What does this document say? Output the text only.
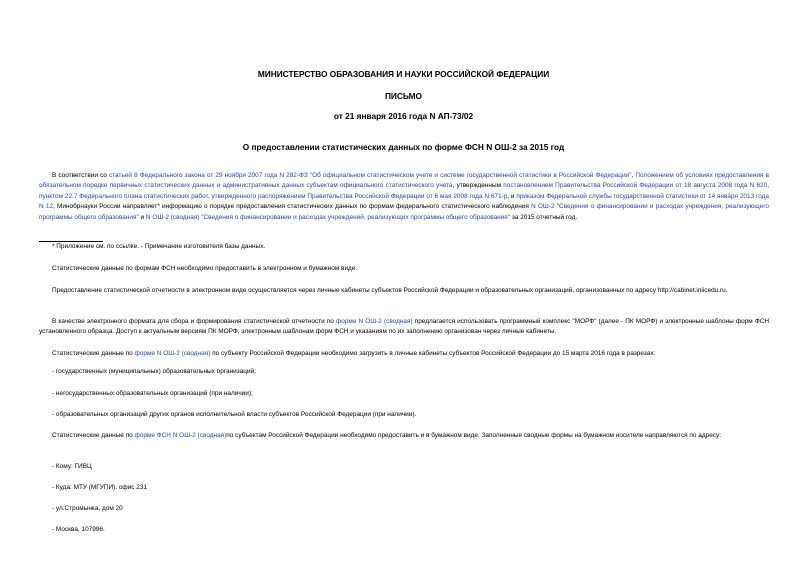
МИНИСТЕРСТВО ОБРАЗОВАНИЯ И НАУКИ РОССИЙСКОЙ ФЕДЕРАЦИИ
ПИСЬМО
от 21 января 2016 года N АП-73/02
О предоставлении статистических данных по форме ФСН N ОШ-2 за 2015 год
В соответствии со статьей 8 Федерального закона от 29 ноября 2007 года N 282-ФЗ "Об официальном статистическом учете и системе государственной статистики в Российской Федерации", Положением об условиях предоставления в обязательном порядке первичных статистических данных и административных данных субъектам официального статистического учета, утвержденным постановлением Правительства Российской Федерации от 18 августа 2008 года N 620, пунктом 22.7 Федерального плана статистических работ, утвержденного распоряжением Правительства Российской Федерации от 6 мая 2008 года N 671-р, и приказом Федеральной службы государственной статистики от 14 января 2013 года N 12, Минобрнауки России направляет* информацию о порядке предоставления статистических данных по формам федерального статистического наблюдения N ОШ-2 "Сведения о финансировании и расходах учреждения, реализующего программы общего образования" и N ОШ-2 (сводная) "Сведения о финансировании и расходах учреждений, реализующих программы общего образования" за 2015 отчетный год.
* Приложение см. по ссылке. - Примечание изготовителя базы данных.
Статистические данные по формам ФСН необходимо предоставить в электронном и бумажном виде.
Предоставление статистической отчетности в электронном виде осуществляется через личные кабинеты субъектов Российской Федерации и образовательных организаций, организованных по адресу http://cabinet.iniicedu.ru.
В качестве электронного формата для сбора и формирования статистической отчетности по форме N ОШ-2 (сводная) предлагается использовать программный комплекс "МОРФ" (далее - ПК МОРФ) и электронные шаблоны форм ФСН установленного образца. Доступ к актуальным версиям ПК МОРФ, электронным шаблонам форм ФСН и указаниям по их заполнению организован через личные кабинеты.
Статистические данные по форме N ОШ-2 (сводная) по субъекту Российской Федерации необходимо загрузить в личные кабинеты субъектов Российской Федерации до 15 марта 2016 года в разрезах:
- государственных (муниципальных) образовательных организаций;
- негосударственных образовательных организаций (при наличии);
- образовательных организаций других органов исполнительной власти субъектов Российской Федерации (при наличии).
Статистические данные по форме ФСН N ОШ-2 (сводная)по субъектам Российской Федерации необходимо предоставить и в бумажном виде. Заполненные сводные формы на бумажном носителе направляются по адресу:
- Кому: ГИВЦ
- Куда: МТУ (МГУПИ), офис 231
- ул.Стромынка, дом 20
- Москва, 107996.
